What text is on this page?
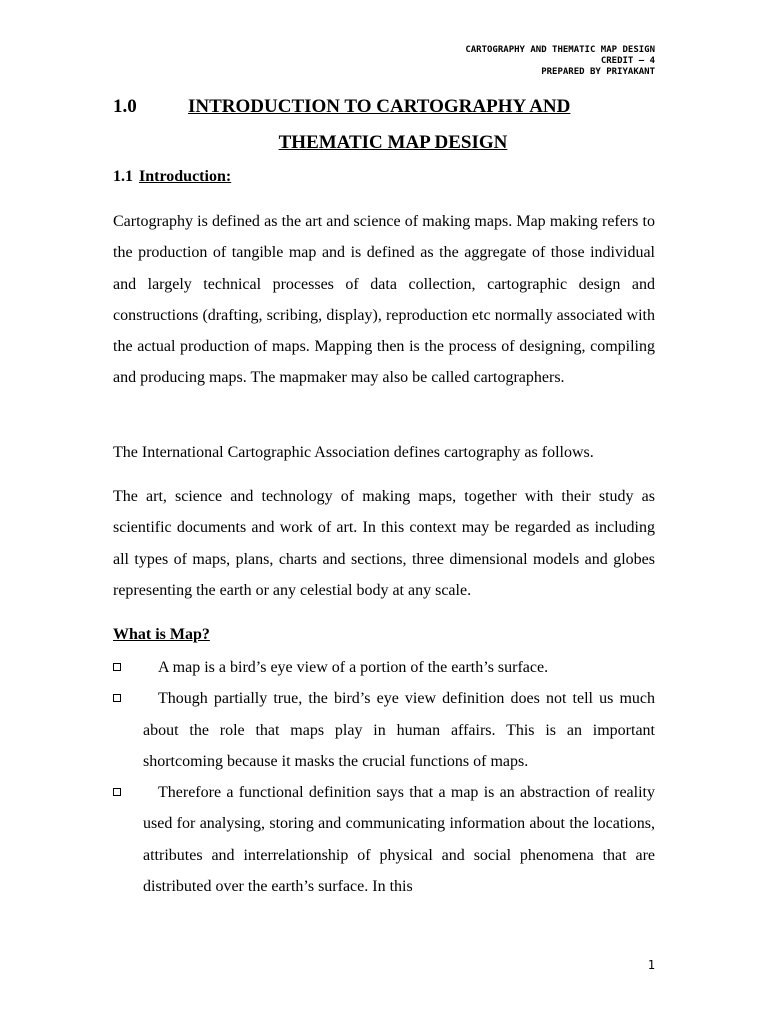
CARTOGRAPHY AND THEMATIC MAP DESIGN
CREDIT – 4
PREPARED BY PRIYAKANT
1.0	INTRODUCTION TO CARTOGRAPHY AND
THEMATIC MAP DESIGN
1.1 Introduction:

Cartography is defined as the art and science of making maps. Map making refers to the production of tangible map and is defined as the aggregate of those individual and largely technical processes of data collection, cartographic design and constructions (drafting, scribing, display), reproduction etc normally associated with the actual production of maps. Mapping then is the process of designing, compiling and producing maps. The mapmaker may also be called cartographers.

The International Cartographic Association defines cartography as follows.

The art, science and technology of making maps, together with their study as scientific documents and work of art. In this context may be regarded as including all types of maps, plans, charts and sections, three dimensional models and globes representing the earth or any celestial body at any scale.

What is Map?
A map is a bird’s eye view of a portion of the earth’s surface.
Though partially true, the bird’s eye view definition does not tell us much about the role that maps play in human affairs. This is an important shortcoming because it masks the crucial functions of maps.
Therefore a functional definition says that a map is an abstraction of reality used for analysing, storing and communicating information about the locations, attributes and interrelationship of physical and social phenomena that are distributed over the earth’s surface. In this
1
